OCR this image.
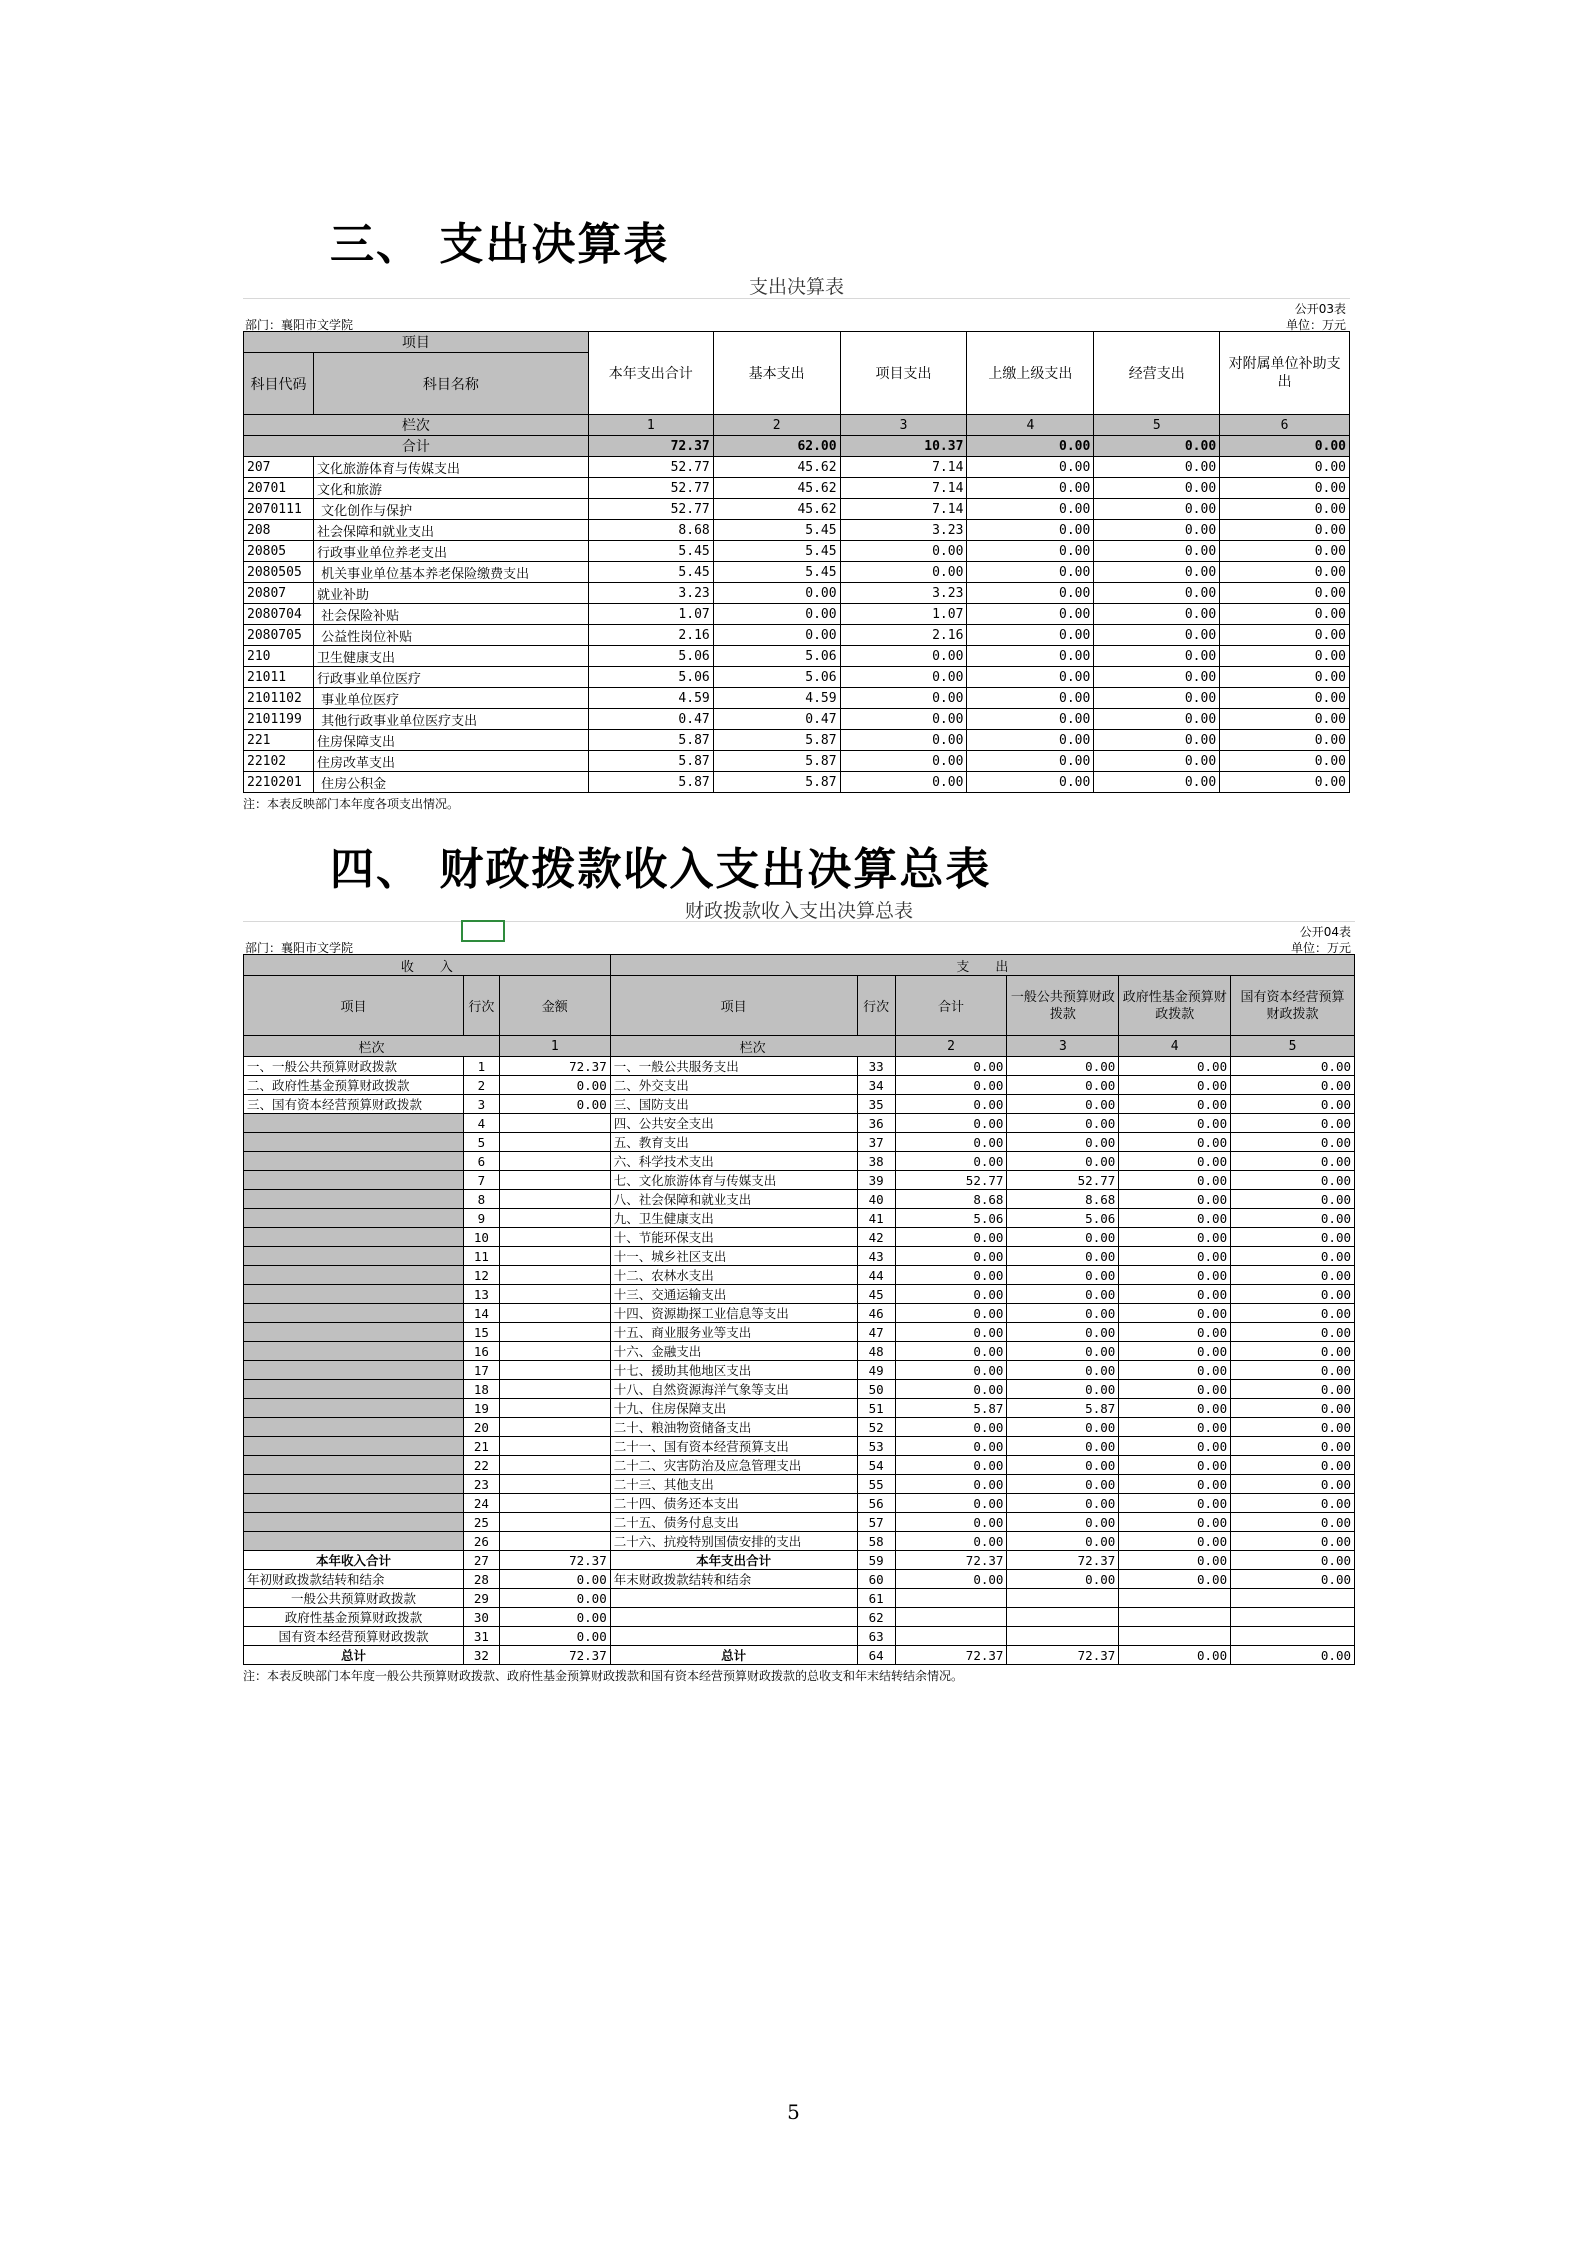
三、 支出决算表
支出决算表
公开03表
部门：襄阳市文学院	单位：万元
项目		本年支出合计	基本支出	项目支出	上缴上级支出	经营支出	对附属单位补助支出
科目代码	科目名称						
栏次		1	2	3	4	5	6
合计		72.37	62.00	10.37	0.00	0.00	0.00
207	文化旅游体育与传媒支出	52.77	45.62	7.14	0.00	0.00	0.00
20701	文化和旅游	52.77	45.62	7.14	0.00	0.00	0.00
2070111	文化创作与保护	52.77	45.62	7.14	0.00	0.00	0.00
208	社会保障和就业支出	8.68	5.45	3.23	0.00	0.00	0.00
20805	行政事业单位养老支出	5.45	5.45	0.00	0.00	0.00	0.00
2080505	机关事业单位基本养老保险缴费支出	5.45	5.45	0.00	0.00	0.00	0.00
20807	就业补助	3.23	0.00	3.23	0.00	0.00	0.00
2080704	社会保险补贴	1.07	0.00	1.07	0.00	0.00	0.00
2080705	公益性岗位补贴	2.16	0.00	2.16	0.00	0.00	0.00
210	卫生健康支出	5.06	5.06	0.00	0.00	0.00	0.00
21011	行政事业单位医疗	5.06	5.06	0.00	0.00	0.00	0.00
2101102	事业单位医疗	4.59	4.59	0.00	0.00	0.00	0.00
2101199	其他行政事业单位医疗支出	0.47	0.47	0.00	0.00	0.00	0.00
221	住房保障支出	5.87	5.87	0.00	0.00	0.00	0.00
22102	住房改革支出	5.87	5.87	0.00	0.00	0.00	0.00
2210201	住房公积金	5.87	5.87	0.00	0.00	0.00	0.00
注：本表反映部门本年度各项支出情况。
四、 财政拨款收入支出决算总表
财政拨款收入支出决算总表
公开04表
部门：襄阳市文学院	单位：万元
收　　入			支　　出					
项目	行次	金额	项目	行次	合计	一般公共预算财政拨款	政府性基金预算财政拨款	国有资本经营预算财政拨款
栏次		1	栏次		2	3	4	5
一、一般公共预算财政拨款	1	72.37	一、一般公共服务支出	33	0.00	0.00	0.00	0.00
二、政府性基金预算财政拨款	2	0.00	二、外交支出	34	0.00	0.00	0.00	0.00
三、国有资本经营预算财政拨款	3	0.00	三、国防支出	35	0.00	0.00	0.00	0.00
	4		四、公共安全支出	36	0.00	0.00	0.00	0.00
	5		五、教育支出	37	0.00	0.00	0.00	0.00
	6		六、科学技术支出	38	0.00	0.00	0.00	0.00
	7		七、文化旅游体育与传媒支出	39	52.77	52.77	0.00	0.00
	8		八、社会保障和就业支出	40	8.68	8.68	0.00	0.00
	9		九、卫生健康支出	41	5.06	5.06	0.00	0.00
	10		十、节能环保支出	42	0.00	0.00	0.00	0.00
	11		十一、城乡社区支出	43	0.00	0.00	0.00	0.00
	12		十二、农林水支出	44	0.00	0.00	0.00	0.00
	13		十三、交通运输支出	45	0.00	0.00	0.00	0.00
	14		十四、资源勘探工业信息等支出	46	0.00	0.00	0.00	0.00
	15		十五、商业服务业等支出	47	0.00	0.00	0.00	0.00
	16		十六、金融支出	48	0.00	0.00	0.00	0.00
	17		十七、援助其他地区支出	49	0.00	0.00	0.00	0.00
	18		十八、自然资源海洋气象等支出	50	0.00	0.00	0.00	0.00
	19		十九、住房保障支出	51	5.87	5.87	0.00	0.00
	20		二十、粮油物资储备支出	52	0.00	0.00	0.00	0.00
	21		二十一、国有资本经营预算支出	53	0.00	0.00	0.00	0.00
	22		二十二、灾害防治及应急管理支出	54	0.00	0.00	0.00	0.00
	23		二十三、其他支出	55	0.00	0.00	0.00	0.00
	24		二十四、债务还本支出	56	0.00	0.00	0.00	0.00
	25		二十五、债务付息支出	57	0.00	0.00	0.00	0.00
	26		二十六、抗疫特别国债安排的支出	58	0.00	0.00	0.00	0.00
本年收入合计	27	72.37	本年支出合计	59	72.37	72.37	0.00	0.00
年初财政拨款结转和结余	28	0.00	年末财政拨款结转和结余	60	0.00	0.00	0.00	0.00
一般公共预算财政拨款	29	0.00		61				
政府性基金预算财政拨款	30	0.00		62				
国有资本经营预算财政拨款	31	0.00		63				
总计	32	72.37	总计	64	72.37	72.37	0.00	0.00
注：本表反映部门本年度一般公共预算财政拨款、政府性基金预算财政拨款和国有资本经营预算财政拨款的总收支和年末结转结余情况。
5
